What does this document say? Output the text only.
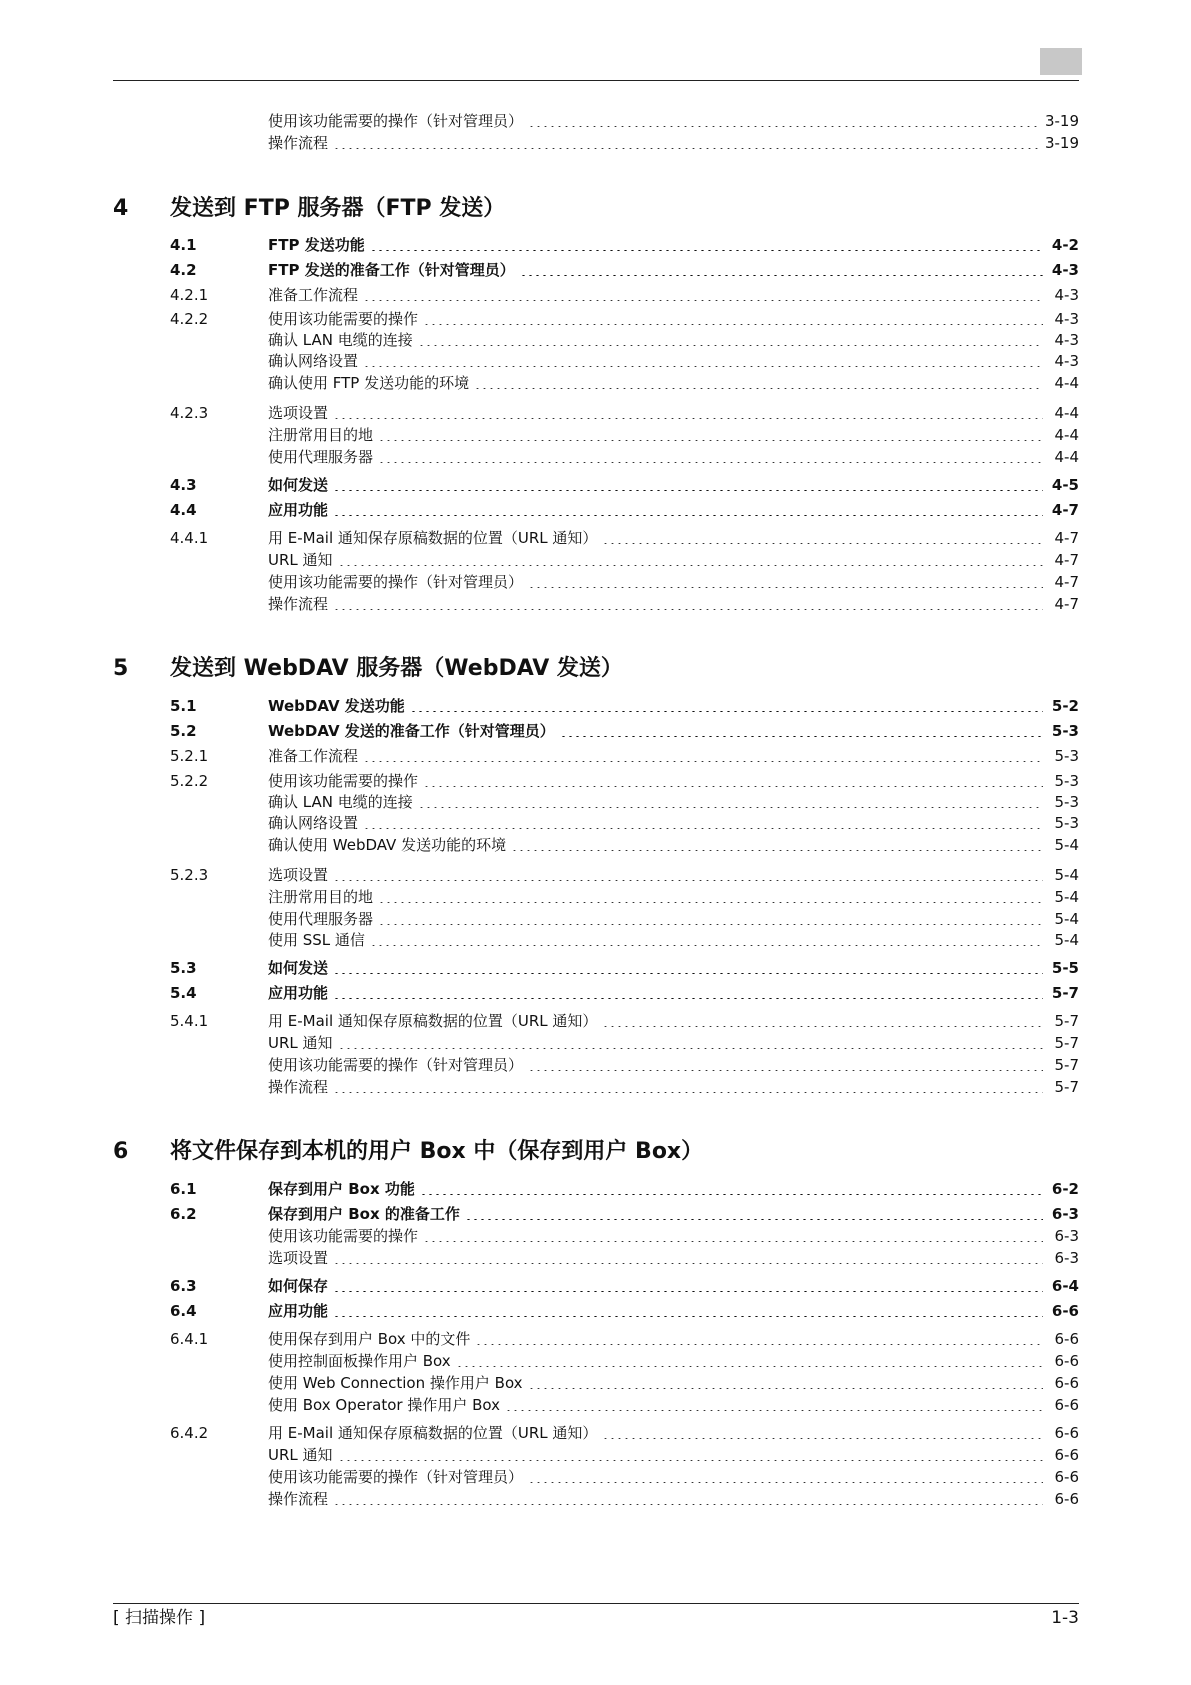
使用该功能需要的操作（针对管理员）	3-19
操作流程	3-19
4 发送到 FTP 服务器（FTP 发送）
4.1	FTP 发送功能	4-2
4.2	FTP 发送的准备工作（针对管理员）	4-3
4.2.1	准备工作流程	4-3
4.2.2	使用该功能需要的操作	4-3
确认 LAN 电缆的连接	4-3
确认网络设置	4-3
确认使用 FTP 发送功能的环境	4-4
4.2.3	选项设置	4-4
注册常用目的地	4-4
使用代理服务器	4-4
4.3	如何发送	4-5
4.4	应用功能	4-7
4.4.1	用 E-Mail 通知保存原稿数据的位置（URL 通知）	4-7
URL 通知	4-7
使用该功能需要的操作（针对管理员）	4-7
操作流程	4-7
5 发送到 WebDAV 服务器（WebDAV 发送）
5.1	WebDAV 发送功能	5-2
5.2	WebDAV 发送的准备工作（针对管理员）	5-3
5.2.1	准备工作流程	5-3
5.2.2	使用该功能需要的操作	5-3
确认 LAN 电缆的连接	5-3
确认网络设置	5-3
确认使用 WebDAV 发送功能的环境	5-4
5.2.3	选项设置	5-4
注册常用目的地	5-4
使用代理服务器	5-4
使用 SSL 通信	5-4
5.3	如何发送	5-5
5.4	应用功能	5-7
5.4.1	用 E-Mail 通知保存原稿数据的位置（URL 通知）	5-7
URL 通知	5-7
使用该功能需要的操作（针对管理员）	5-7
操作流程	5-7
6 将文件保存到本机的用户 Box 中（保存到用户 Box）
6.1	保存到用户 Box 功能	6-2
6.2	保存到用户 Box 的准备工作	6-3
使用该功能需要的操作	6-3
选项设置	6-3
6.3	如何保存	6-4
6.4	应用功能	6-6
6.4.1	使用保存到用户 Box 中的文件	6-6
使用控制面板操作用户 Box	6-6
使用 Web Connection 操作用户 Box	6-6
使用 Box Operator 操作用户 Box	6-6
6.4.2	用 E-Mail 通知保存原稿数据的位置（URL 通知）	6-6
URL 通知	6-6
使用该功能需要的操作（针对管理员）	6-6
操作流程	6-6
[ 扫描操作 ]	1-3
